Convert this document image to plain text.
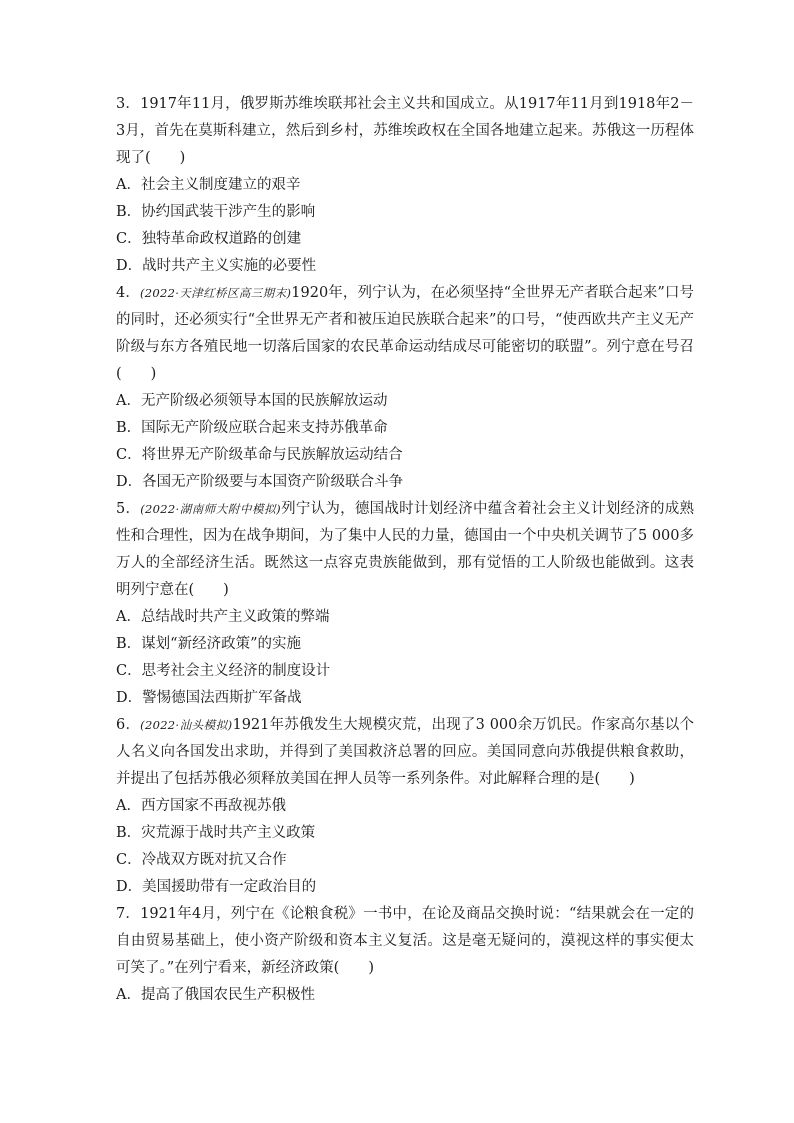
3．1917年11月，俄罗斯苏维埃联邦社会主义共和国成立。从1917年11月到1918年2－3月，首先在莫斯科建立，然后到乡村，苏维埃政权在全国各地建立起来。苏俄这一历程体现了(　　)

A．社会主义制度建立的艰辛

B．协约国武装干涉产生的影响

C．独特革命政权道路的创建

D．战时共产主义实施的必要性

4．(2022·天津红桥区高三期末)1920年，列宁认为，在必须坚持“全世界无产者联合起来”口号的同时，还必须实行“全世界无产者和被压迫民族联合起来”的口号，“使西欧共产主义无产阶级与东方各殖民地一切落后国家的农民革命运动结成尽可能密切的联盟”。列宁意在号召(　　)

A．无产阶级必须领导本国的民族解放运动

B．国际无产阶级应联合起来支持苏俄革命

C．将世界无产阶级革命与民族解放运动结合

D．各国无产阶级要与本国资产阶级联合斗争

5．(2022·湖南师大附中模拟)列宁认为，德国战时计划经济中蕴含着社会主义计划经济的成熟性和合理性，因为在战争期间，为了集中人民的力量，德国由一个中央机关调节了5 000多万人的全部经济生活。既然这一点容克贵族能做到，那有觉悟的工人阶级也能做到。这表明列宁意在(　　)

A．总结战时共产主义政策的弊端

B．谋划“新经济政策”的实施

C．思考社会主义经济的制度设计

D．警惕德国法西斯扩军备战

6．(2022·汕头模拟)1921年苏俄发生大规模灾荒，出现了3 000余万饥民。作家高尔基以个人名义向各国发出求助，并得到了美国救济总署的回应。美国同意向苏俄提供粮食救助，并提出了包括苏俄必须释放美国在押人员等一系列条件。对此解释合理的是(　　)

A．西方国家不再敌视苏俄

B．灾荒源于战时共产主义政策

C．冷战双方既对抗又合作

D．美国援助带有一定政治目的

7．1921年4月，列宁在《论粮食税》一书中，在论及商品交换时说：“结果就会在一定的自由贸易基础上，使小资产阶级和资本主义复活。这是毫无疑问的，漠视这样的事实便太可笑了。”在列宁看来，新经济政策(　　)

A．提高了俄国农民生产积极性
